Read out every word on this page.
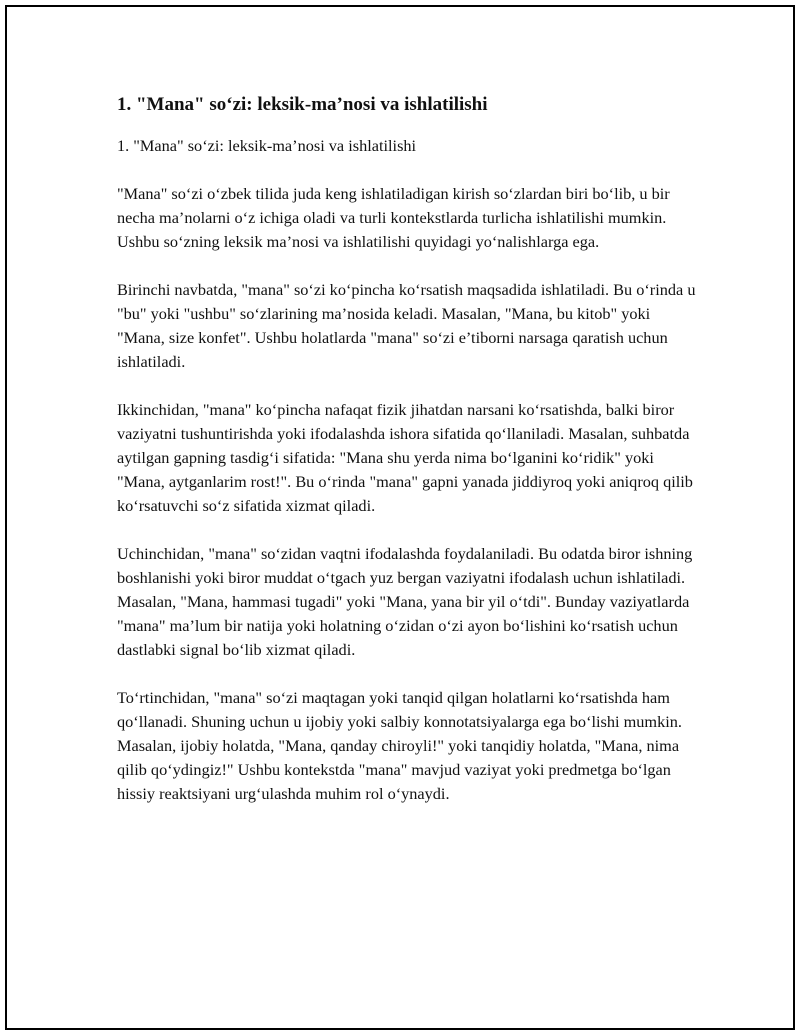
1. "Mana" so‘zi: leksik-ma’nosi va ishlatilishi
1. "Mana" so‘zi: leksik-ma’nosi va ishlatilishi

"Mana" so‘zi o‘zbek tilida juda keng ishlatiladigan kirish so‘zlardan biri bo‘lib, u bir necha ma’nolarni o‘z ichiga oladi va turli kontekstlarda turlicha ishlatilishi mumkin. Ushbu so‘zning leksik ma’nosi va ishlatilishi quyidagi yo‘nalishlarga ega.

Birinchi navbatda, "mana" so‘zi ko‘pincha ko‘rsatish maqsadida ishlatiladi. Bu o‘rinda u "bu" yoki "ushbu" so‘zlarining ma’nosida keladi. Masalan, "Mana, bu kitob" yoki "Mana, size konfet". Ushbu holatlarda "mana" so‘zi e’tiborni narsaga qaratish uchun ishlatiladi.

Ikkinchidan, "mana" ko‘pincha nafaqat fizik jihatdan narsani ko‘rsatishda, balki biror vaziyatni tushuntirishda yoki ifodalashda ishora sifatida qo‘llaniladi. Masalan, suhbatda aytilgan gapning tasdig‘i sifatida: "Mana shu yerda nima bo‘lganini ko‘ridik" yoki "Mana, aytganlarim rost!". Bu o‘rinda "mana" gapni yanada jiddiyroq yoki aniqroq qilib ko‘rsatuvchi so‘z sifatida xizmat qiladi.

Uchinchidan, "mana" so‘zidan vaqtni ifodalashda foydalaniladi. Bu odatda biror ishning boshlanishi yoki biror muddat o‘tgach yuz bergan vaziyatni ifodalash uchun ishlatiladi. Masalan, "Mana, hammasi tugadi" yoki "Mana, yana bir yil o‘tdi". Bunday vaziyatlarda "mana" ma’lum bir natija yoki holatning o‘zidan o‘zi ayon bo‘lishini ko‘rsatish uchun dastlabki signal bo‘lib xizmat qiladi.

To‘rtinchidan, "mana" so‘zi maqtagan yoki tanqid qilgan holatlarni ko‘rsatishda ham qo‘llanadi. Shuning uchun u ijobiy yoki salbiy konnotatsiyalarga ega bo‘lishi mumkin. Masalan, ijobiy holatda, "Mana, qanday chiroyli!" yoki tanqidiy holatda, "Mana, nima qilib qo‘ydingiz!" Ushbu kontekstda "mana" mavjud vaziyat yoki predmetga bo‘lgan hissiy reaktsiyani urg‘ulashda muhim rol o‘ynaydi.
